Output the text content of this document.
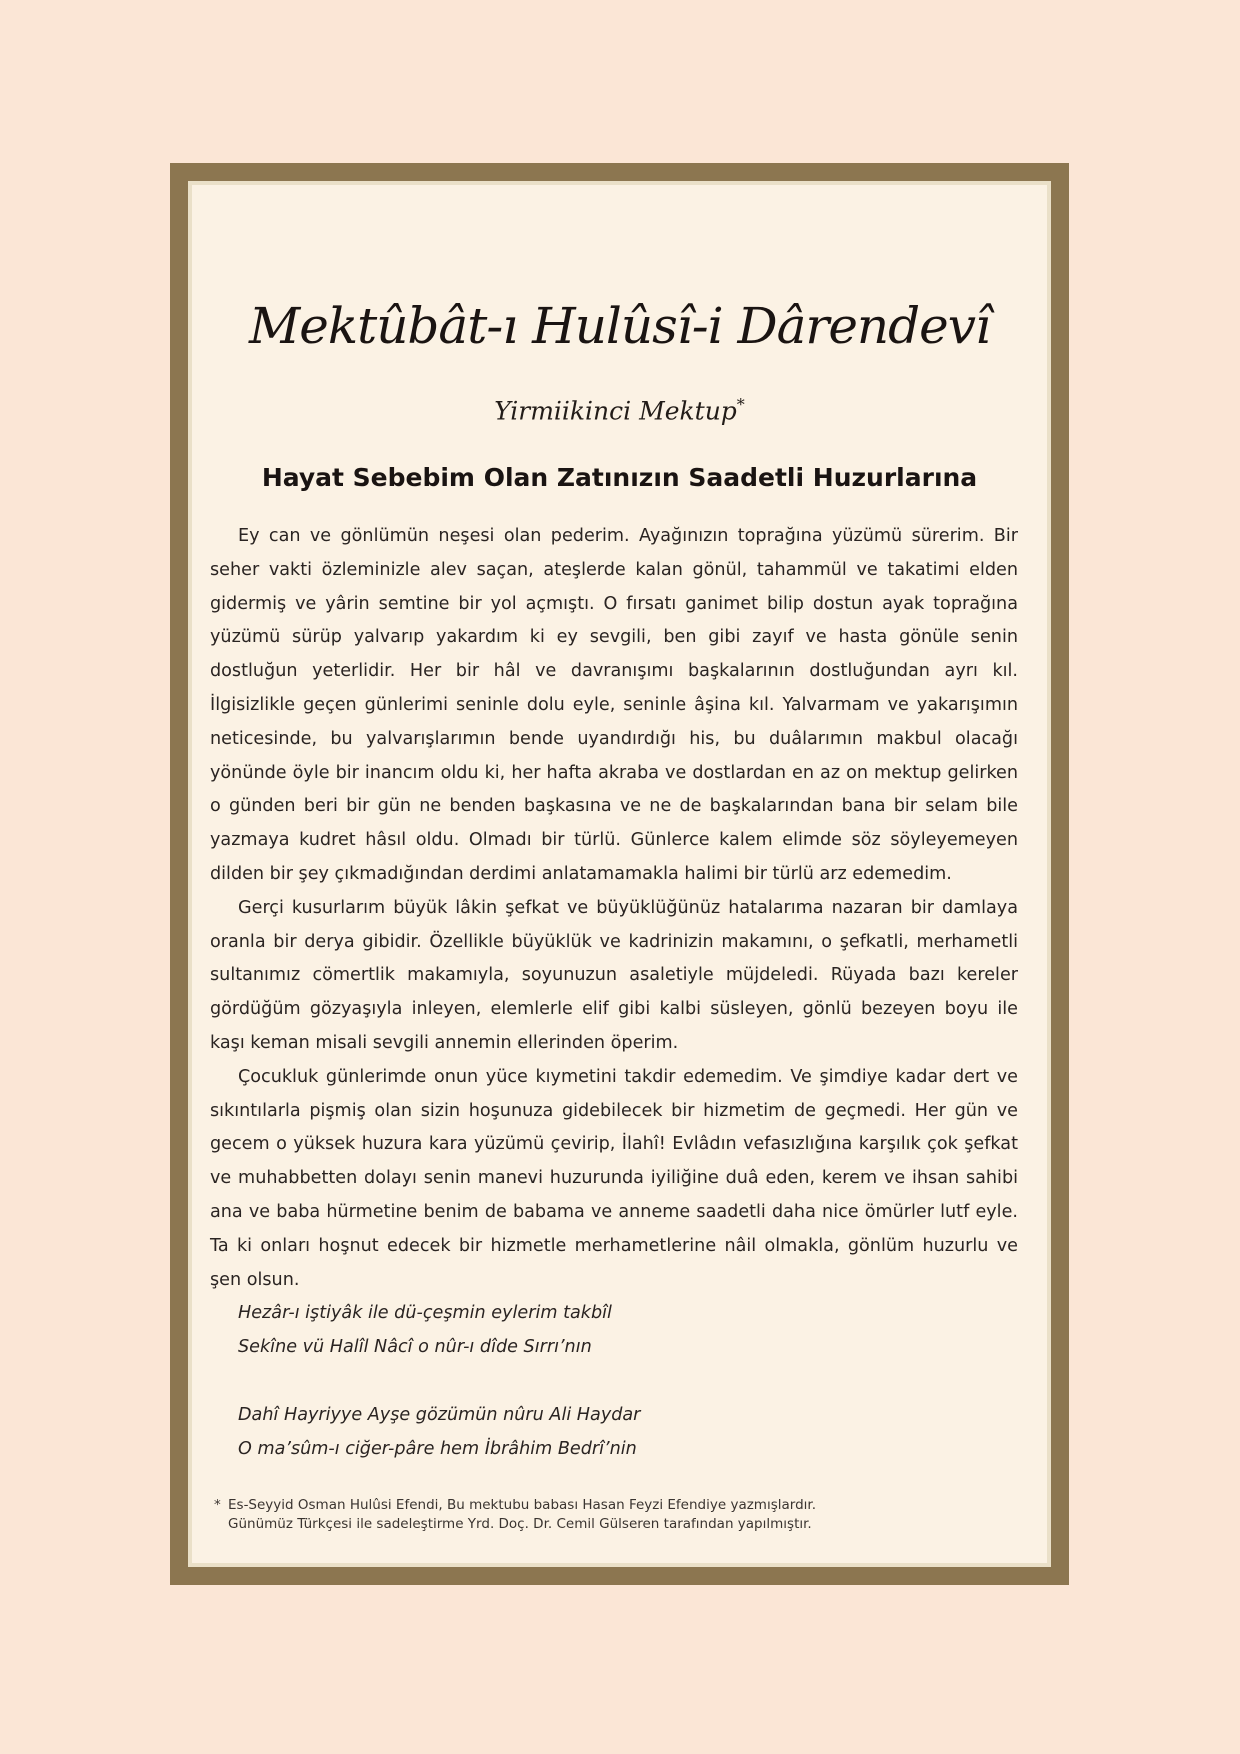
Mektûbât-ı Hulûsî-i Dârendevî
Yirmiikinci Mektup*
Hayat Sebebim Olan Zatınızın Saadetli Huzurlarına

Ey can ve gönlümün neşesi olan pederim. Ayağınızın toprağına yüzümü sürerim. Bir seher vakti özleminizle alev saçan, ateşlerde kalan gönül, tahammül ve takatimi elden gidermiş ve yârin semtine bir yol açmıştı. O fırsatı ganimet bilip dostun ayak toprağına yüzümü sürüp yalvarıp yakardım ki ey sevgili, ben gibi zayıf ve hasta gönüle senin dostluğun yeterlidir. Her bir hâl ve davranışımı başkalarının dostluğundan ayrı kıl. İlgisizlikle geçen günlerimi seninle dolu eyle, seninle âşina kıl. Yalvarmam ve yakarışımın neticesinde, bu yalvarışlarımın bende uyandırdığı his, bu duâlarımın makbul olacağı yönünde öyle bir inancım oldu ki, her hafta akraba ve dostlardan en az on mektup gelirken o günden beri bir gün ne benden başkasına ve ne de başkalarından bana bir selam bile yazmaya kudret hâsıl oldu. Olmadı bir türlü. Günlerce kalem elimde söz söyleyemeyen dilden bir şey çıkmadığından derdimi anlatamamakla halimi bir türlü arz edemedim.

Gerçi kusurlarım büyük lâkin şefkat ve büyüklüğünüz hatalarıma nazaran bir damlaya oranla bir derya gibidir. Özellikle büyüklük ve kadrinizin makamını, o şefkatli, merhametli sultanımız cömertlik makamıyla, soyunuzun asaletiyle müjdeledi. Rüyada bazı kereler gördüğüm gözyaşıyla inleyen, elemlerle elif gibi kalbi süsleyen, gönlü bezeyen boyu ile kaşı keman misali sevgili annemin ellerinden öperim.

Çocukluk günlerimde onun yüce kıymetini takdir edemedim. Ve şimdiye kadar dert ve sıkıntılarla pişmiş olan sizin hoşunuza gidebilecek bir hizmetim de geçmedi. Her gün ve gecem o yüksek huzura kara yüzümü çevirip, İlahî! Evlâdın vefasızlığına karşılık çok şefkat ve muhabbetten dolayı senin manevi huzurunda iyiliğine duâ eden, kerem ve ihsan sahibi ana ve baba hürmetine benim de babama ve anneme saadetli daha nice ömürler lutf eyle. Ta ki onları hoşnut edecek bir hizmetle merhametlerine nâil olmakla, gönlüm huzurlu ve şen olsun.

Hezâr-ı iştiyâk ile dü-çeşmin eylerim takbîl
Sekîne vü Halîl Nâcî o nûr-ı dîde Sırrı’nın
Dahî Hayriyye Ayşe gözümün nûru Ali Haydar
O ma’sûm-ı ciğer-pâre hem İbrâhim Bedrî’nin
* Es-Seyyid Osman Hulûsi Efendi, Bu mektubu babası Hasan Feyzi Efendiye yazmışlardır.
Günümüz Türkçesi ile sadeleştirme Yrd. Doç. Dr. Cemil Gülseren tarafından yapılmıştır.
